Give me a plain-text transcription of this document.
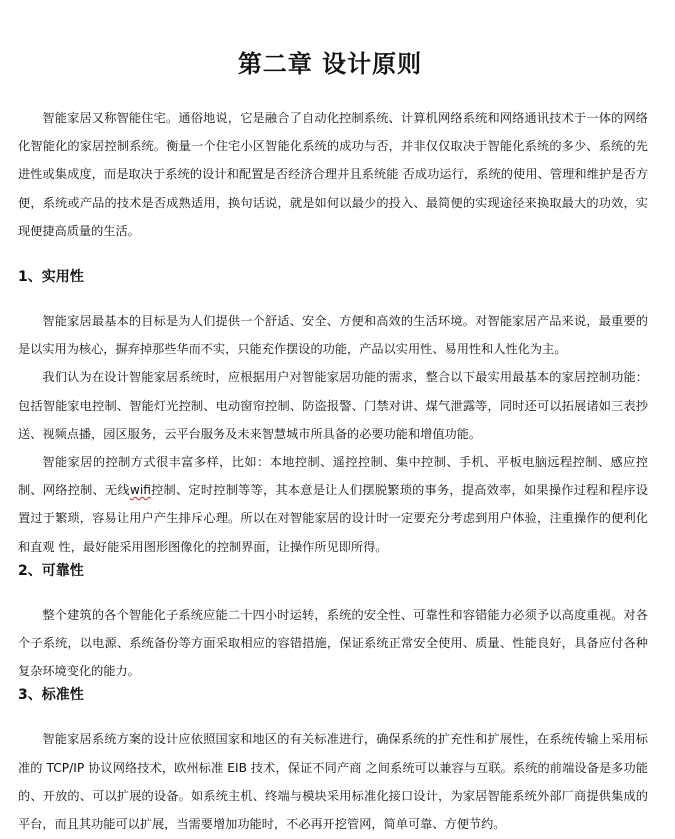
第二章 设计原则

智能家居又称智能住宅。通俗地说，它是融合了自动化控制系统、计算机网络系统和网络通讯技术于一体的网络化智能化的家居控制系统。衡量一个住宅小区智能化系统的成功与否，并非仅仅取决于智能化系统的多少、系统的先进性或集成度，而是取决于系统的设计和配置是否经济合理并且系统能 否成功运行，系统的使用、管理和维护是否方便，系统或产品的技术是否成熟适用，换句话说，就是如何以最少的投入、最简便的实现途径来换取最大的功效，实现便捷高质量的生活。

1、实用性

智能家居最基本的目标是为人们提供一个舒适、安全、方便和高效的生活环境。对智能家居产品来说，最重要的是以实用为核心，摒弃掉那些华而不实，只能充作摆设的功能，产品以实用性、易用性和人性化为主。

我们认为在设计智能家居系统时，应根据用户对智能家居功能的需求，整合以下最实用最基本的家居控制功能：包括智能家电控制、智能灯光控制、电动窗帘控制、防盗报警、门禁对讲、煤气泄露等，同时还可以拓展诸如三表抄送、视频点播，园区服务，云平台服务及未来智慧城市所具备的必要功能和增值功能。

智能家居的控制方式很丰富多样，比如：本地控制、遥控控制、集中控制、手机、平板电脑远程控制、感应控制、网络控制、无线wifi控制、定时控制等等，其本意是让人们摆脱繁琐的事务，提高效率，如果操作过程和程序设置过于繁琐，容易让用户产生排斥心理。所以在对智能家居的设计时一定要充分考虑到用户体验，注重操作的便利化和直观 性，最好能采用图形图像化的控制界面，让操作所见即所得。

2、可靠性

整个建筑的各个智能化子系统应能二十四小时运转，系统的安全性、可靠性和容错能力必须予以高度重视。对各个子系统，以电源、系统备份等方面采取相应的容错措施，保证系统正常安全使用、质量、性能良好，具备应付各种复杂环境变化的能力。

3、标准性

智能家居系统方案的设计应依照国家和地区的有关标准进行，确保系统的扩充性和扩展性，在系统传输上采用标准的 TCP/IP 协议网络技术，欧州标准 EIB 技术，保证不同产商 之间系统可以兼容与互联。系统的前端设备是多功能的、开放的、可以扩展的设备。如系统主机、终端与模块采用标准化接口设计，为家居智能系统外部厂商提供集成的平台，而且其功能可以扩展，当需要增加功能时，不必再开挖管网，简单可靠、方便节约。
